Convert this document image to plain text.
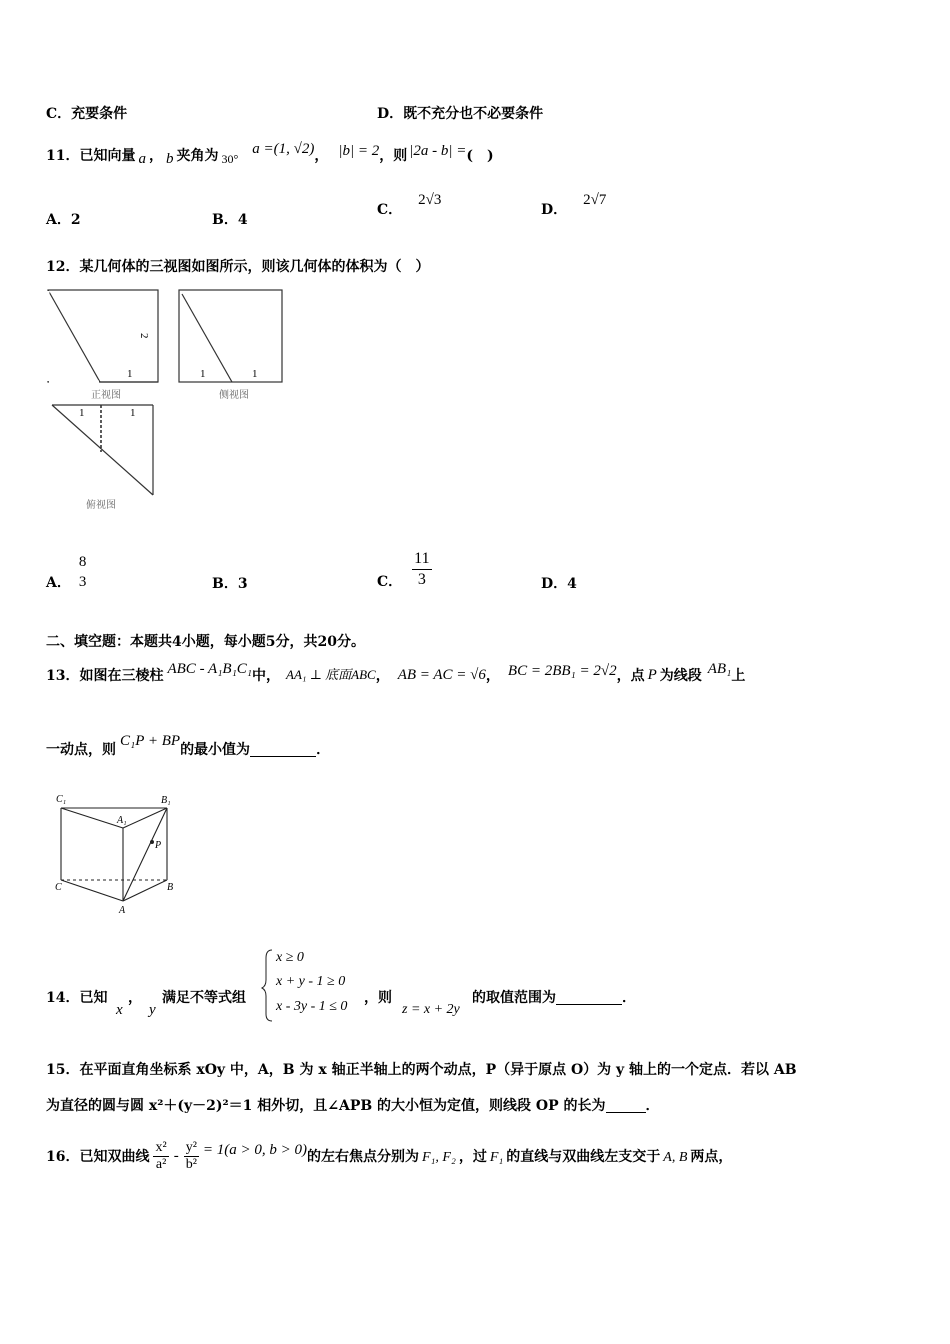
C．充要条件	D．既不充分也不必要条件
11．已知向量 a ， b 夹角为 30°
a =(1, √2) ， |b| = 2 ，则 |2a - b| = (　)
A．2	B．4
C．
2√3
D．
2√7
12．某几何体的三视图如图所示，则该几何体的体积为（　）
1
2
正视图
1	1
侧视图
1	1
俯视图
A．
8
3	B．3	C． $\frac{11}{3}$	D．4
二、填空题：本题共4小题，每小题5分，共20分。
13．如图在三棱柱 ABC - A₁B₁C₁ 中， AA₁ ⊥ 底面ABC ， AB = AC = √6 ， BC = 2BB₁ = 2√2 ，点 P 为线段 AB₁ 上
一动点，则
C₁P + BP
的最小值为	．
C₁	B₁
A₁
P
C	B
A
14．已知
x
，
y
满足不等式组
x ≥ 0
x + y - 1 ≥ 0
x - 3y - 1 ≤ 0
，则
z = x + 2y
的取值范围为	．
15．在平面直角坐标系 xOy 中，A，B 为 x 轴正半轴上的两个动点，P（异于原点 O）为 y 轴上的一个定点．若以 AB
为直径的圆与圆 x²＋(y－2)²＝1 相外切，且∠APB 的大小恒为定值，则线段 OP 的长为	．
16．已知双曲线 $\frac{\text{x²}}{\text{a²}} - \frac{\text{y²}}{\text{b²}} = 1(a > 0$, b > 0) 的左右焦点分别为 F₁, F₂ ，过 F₁ 的直线与双曲线左支交于 A, B 两点，
